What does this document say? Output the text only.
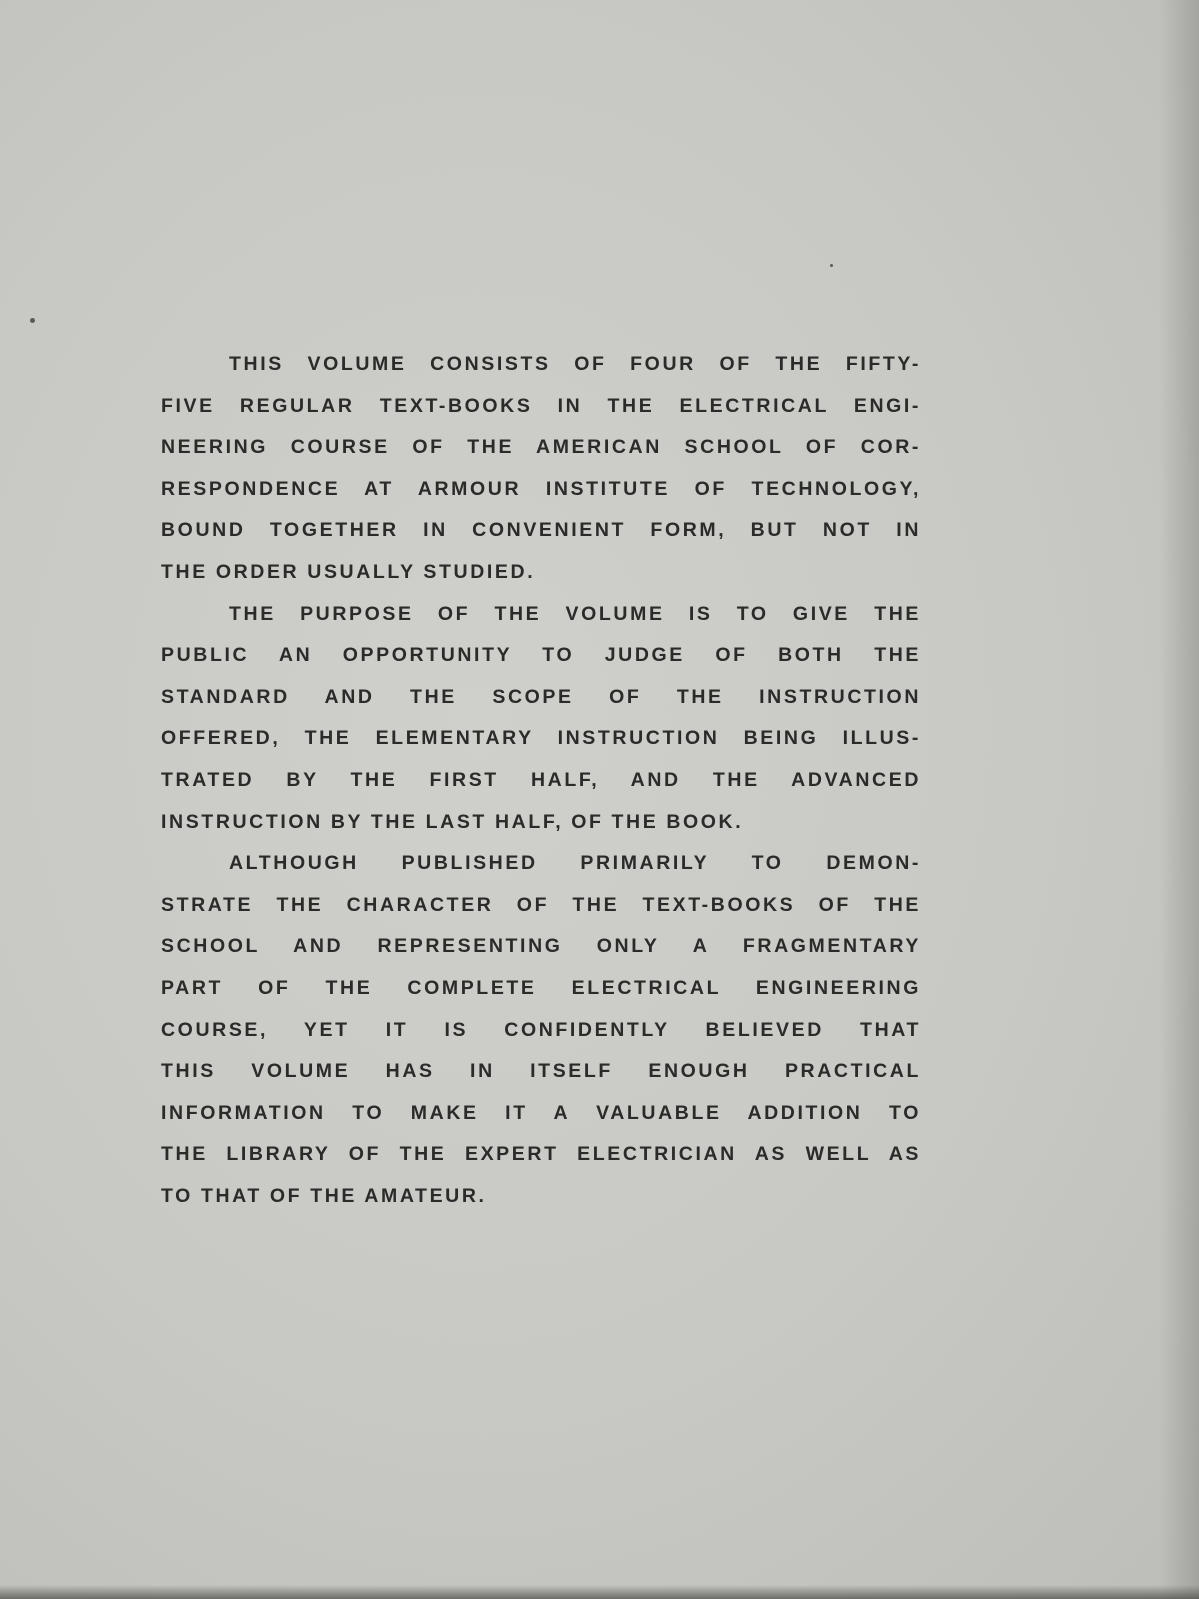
THIS VOLUME CONSISTS OF FOUR OF THE FIFTY-
FIVE REGULAR TEXT-BOOKS IN THE ELECTRICAL ENGI-
NEERING COURSE OF THE AMERICAN SCHOOL OF COR-
RESPONDENCE AT ARMOUR INSTITUTE OF TECHNOLOGY,
BOUND TOGETHER IN CONVENIENT FORM, BUT NOT IN
THE ORDER USUALLY STUDIED.
THE PURPOSE OF THE VOLUME IS TO GIVE THE
PUBLIC AN OPPORTUNITY TO JUDGE OF BOTH THE
STANDARD AND THE SCOPE OF THE INSTRUCTION
OFFERED, THE ELEMENTARY INSTRUCTION BEING ILLUS-
TRATED BY THE FIRST HALF, AND THE ADVANCED
INSTRUCTION BY THE LAST HALF, OF THE BOOK.
ALTHOUGH PUBLISHED PRIMARILY TO DEMON-
STRATE THE CHARACTER OF THE TEXT-BOOKS OF THE
SCHOOL AND REPRESENTING ONLY A FRAGMENTARY
PART OF THE COMPLETE ELECTRICAL ENGINEERING
COURSE, YET IT IS CONFIDENTLY BELIEVED THAT
THIS VOLUME HAS IN ITSELF ENOUGH PRACTICAL
INFORMATION TO MAKE IT A VALUABLE ADDITION TO
THE LIBRARY OF THE EXPERT ELECTRICIAN AS WELL AS
TO THAT OF THE AMATEUR.
